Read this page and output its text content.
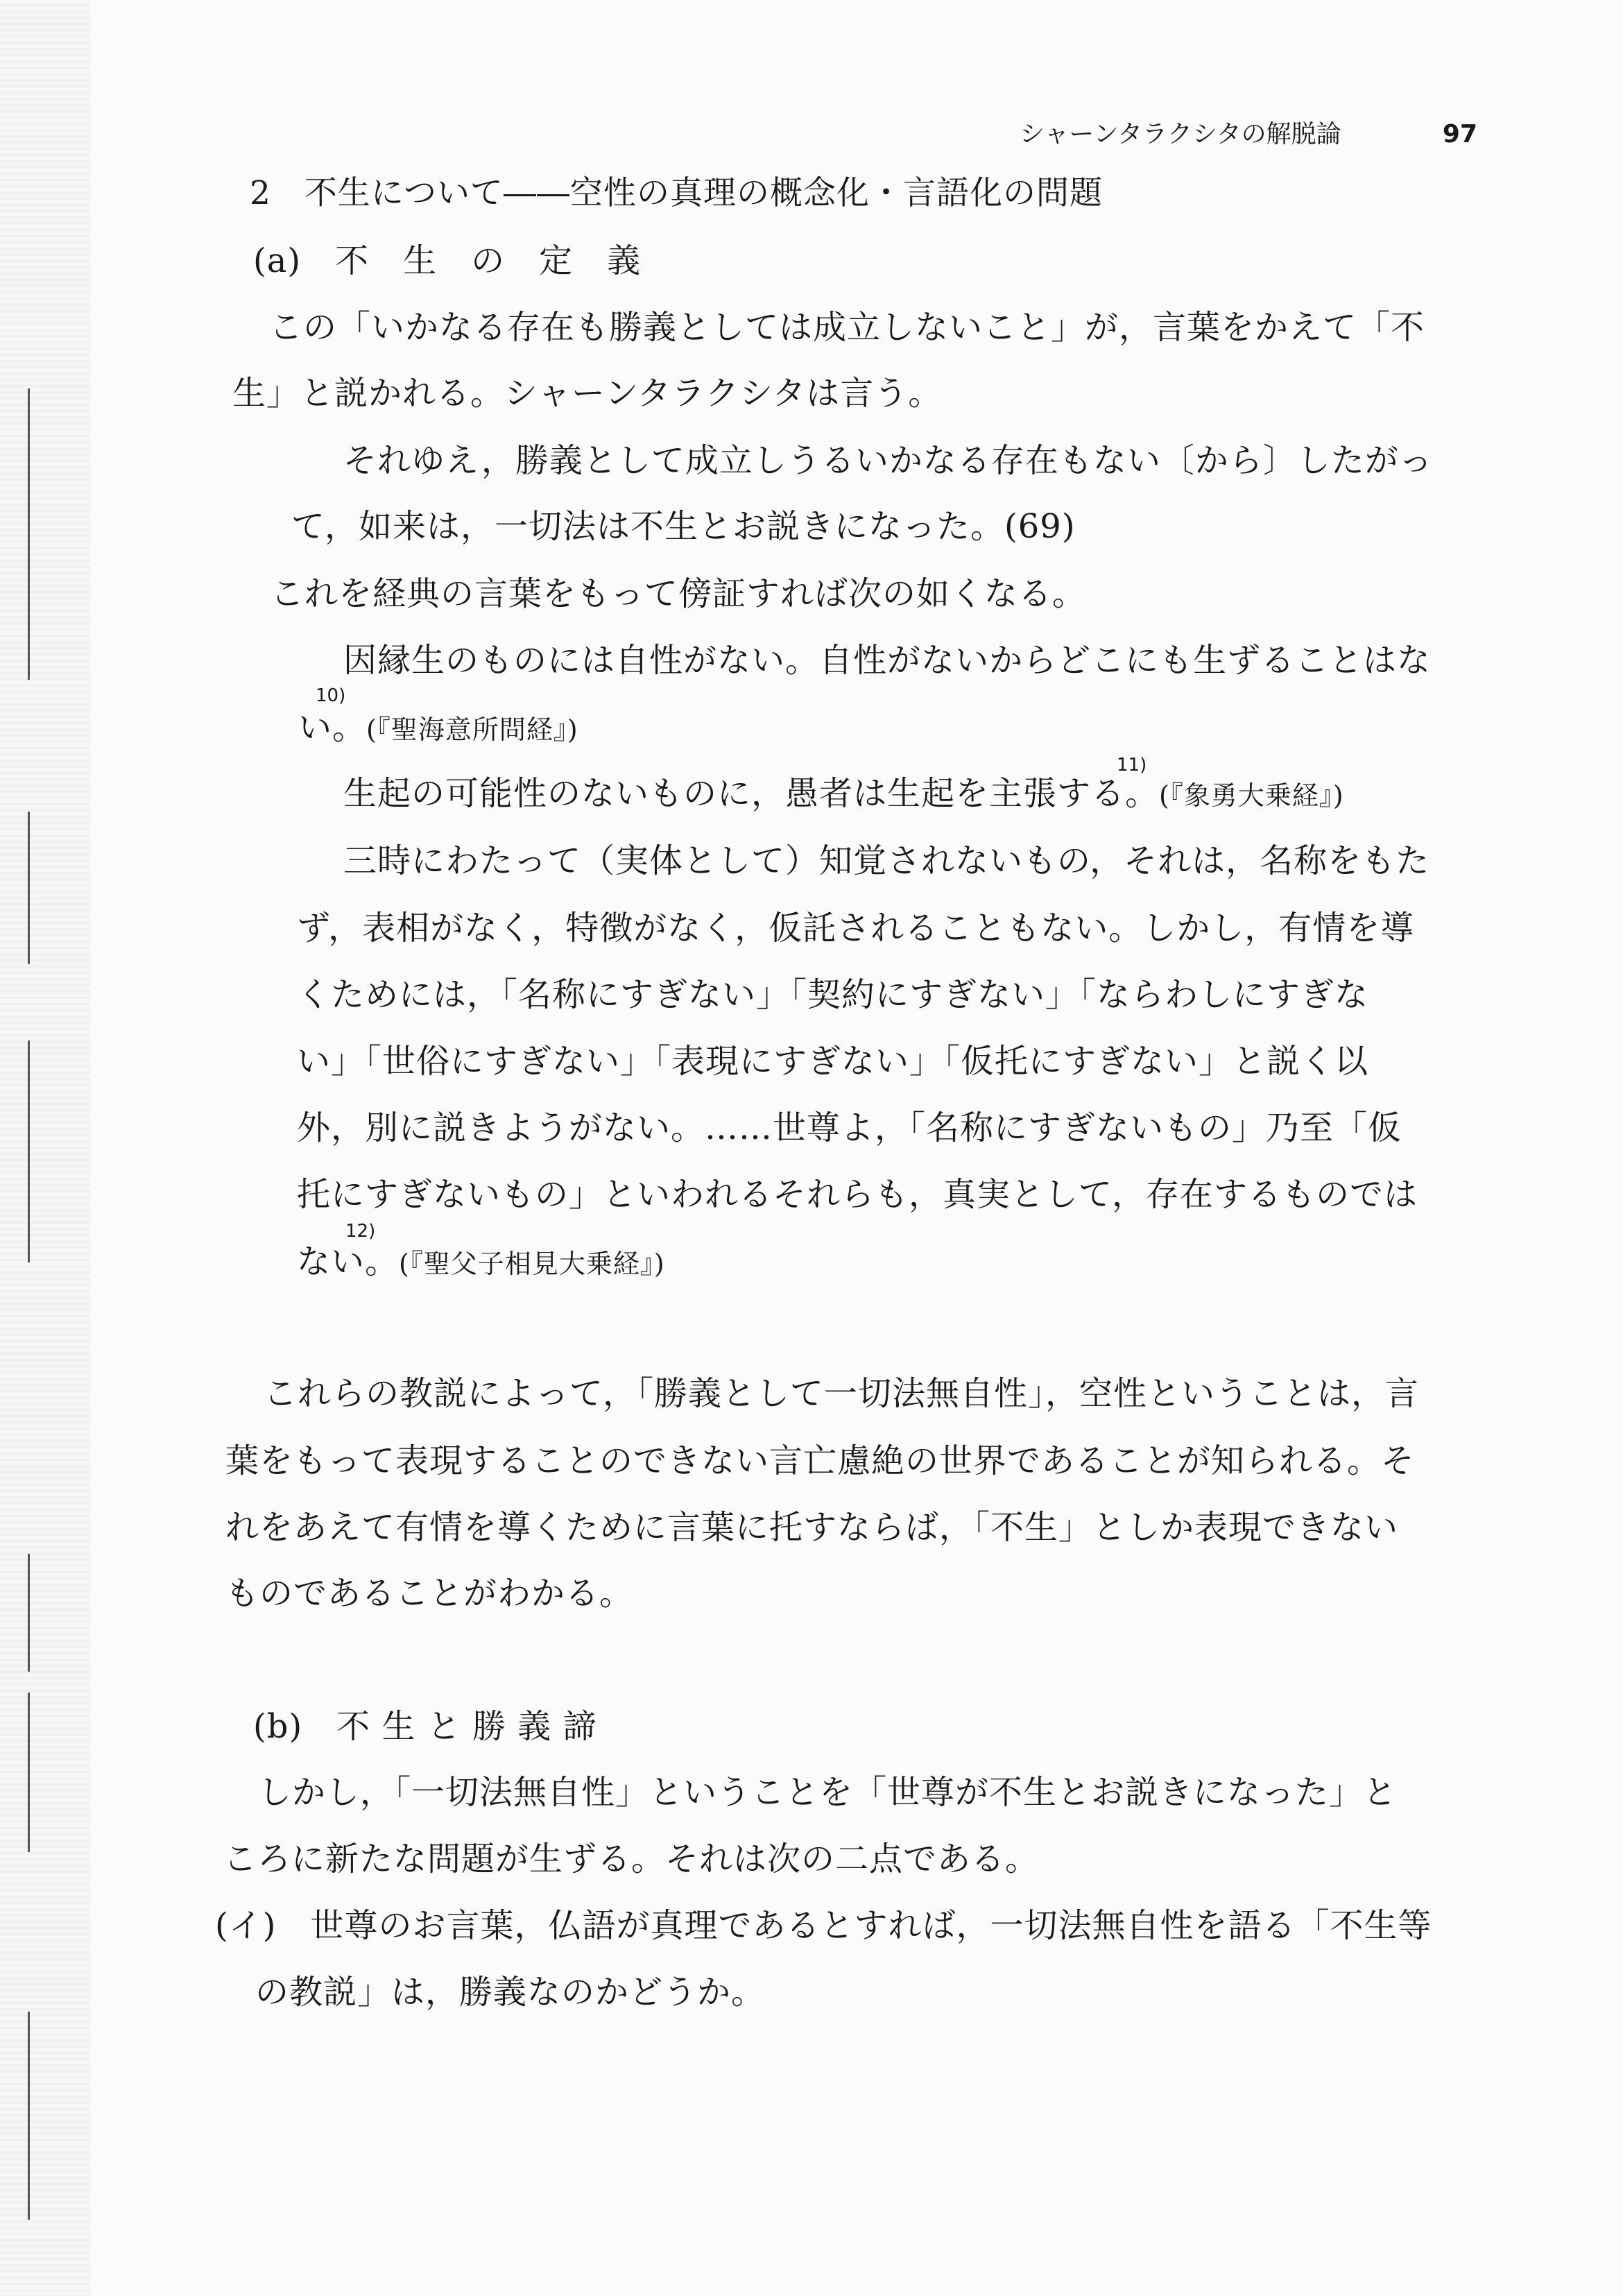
シャーンタラクシタの解脱論	97
2　不生について――空性の真理の概念化・言語化の問題
(a)　不　生　の　定　義
この「いかなる存在も勝義としては成立しないこと」が，言葉をかえて「不
生」と説かれる。シャーンタラクシタは言う。
それゆえ，勝義として成立しうるいかなる存在もない〔から〕したがっ
て，如来は，一切法は不生とお説きになった。(69)
これを経典の言葉をもって傍証すれば次の如くなる。
因縁生のものには自性がない。自性がないからどこにも生ずることはな
10)
い。(『聖海意所問経』)
11)
生起の可能性のないものに，愚者は生起を主張する。(『象勇大乗経』)
三時にわたって（実体として）知覚されないもの，それは，名称をもた
ず，表相がなく，特徴がなく，仮託されることもない。しかし，有情を導
くためには，「名称にすぎない」「契約にすぎない」「ならわしにすぎな
い」「世俗にすぎない」「表現にすぎない」「仮托にすぎない」と説く以
外，別に説きようがない。……世尊よ，「名称にすぎないもの」乃至「仮
托にすぎないもの」といわれるそれらも，真実として，存在するものでは
12)
ない。(『聖父子相見大乗経』)
これらの教説によって，「勝義として一切法無自性」，空性ということは，言
葉をもって表現することのできない言亡慮絶の世界であることが知られる。そ
れをあえて有情を導くために言葉に托すならば，「不生」としか表現できない
ものであることがわかる。
(b)　不 生 と 勝 義 諦
しかし，「一切法無自性」ということを「世尊が不生とお説きになった」と
ころに新たな問題が生ずる。それは次の二点である。
(イ)　世尊のお言葉，仏語が真理であるとすれば，一切法無自性を語る「不生等
の教説」は，勝義なのかどうか。
